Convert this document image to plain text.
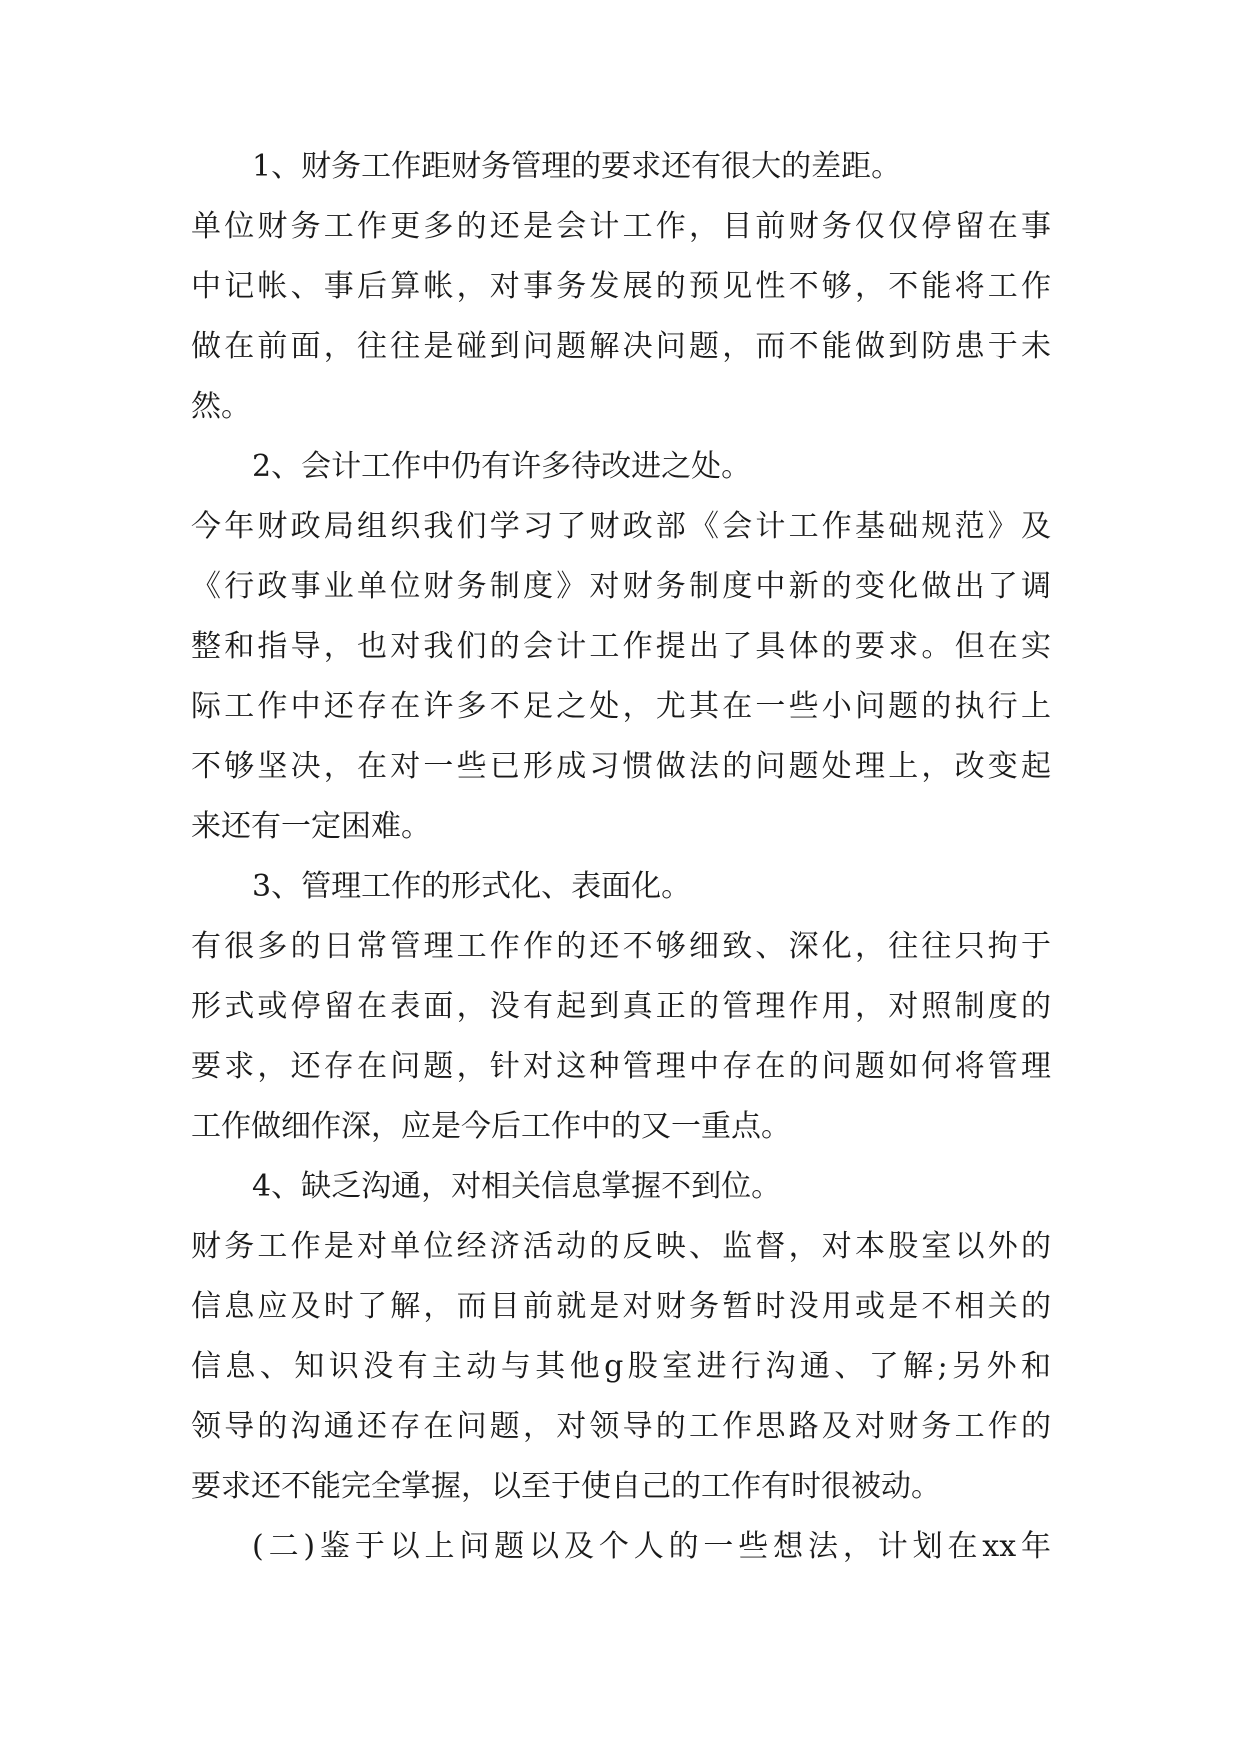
1、财务工作距财务管理的要求还有很大的差距。
单位财务工作更多的还是会计工作，目前财务仅仅停留在事
中记帐、事后算帐，对事务发展的预见性不够，不能将工作
做在前面，往往是碰到问题解决问题，而不能做到防患于未
然。
2、会计工作中仍有许多待改进之处。
今年财政局组织我们学习了财政部《会计工作基础规范》及
《行政事业单位财务制度》对财务制度中新的变化做出了调
整和指导，也对我们的会计工作提出了具体的要求。但在实
际工作中还存在许多不足之处，尤其在一些小问题的执行上
不够坚决，在对一些已形成习惯做法的问题处理上，改变起
来还有一定困难。
3、管理工作的形式化、表面化。
有很多的日常管理工作作的还不够细致、深化，往往只拘于
形式或停留在表面，没有起到真正的管理作用，对照制度的
要求，还存在问题，针对这种管理中存在的问题如何将管理
工作做细作深，应是今后工作中的又一重点。
4、缺乏沟通，对相关信息掌握不到位。
财务工作是对单位经济活动的反映、监督，对本股室以外的
信息应及时了解，而目前就是对财务暂时没用或是不相关的
信息、知识没有主动与其他g股室进行沟通、了解;另外和
领导的沟通还存在问题，对领导的工作思路及对财务工作的
要求还不能完全掌握，以至于使自己的工作有时很被动。
(二)鉴于以上问题以及个人的一些想法，计划在xx年
